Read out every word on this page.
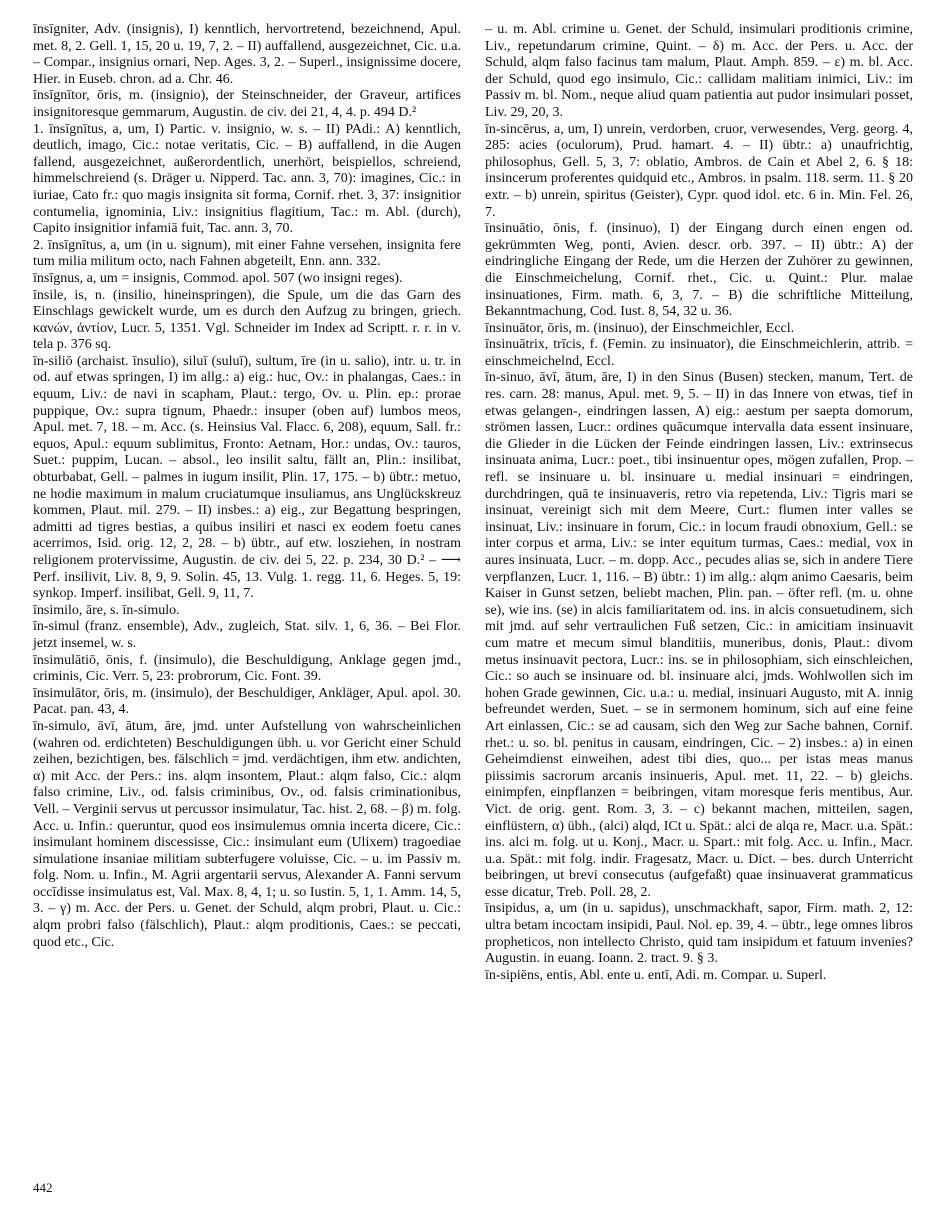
īnsīgniter, Adv. (insignis), I) kenntlich, hervortretend, bezeichnend, Apul. met. 8, 2. Gell. 1, 15, 20 u. 19, 7, 2. – II) auffallend, ausgezeichnet, Cic. u.a. – Compar., insignius ornari, Nep. Ages. 3, 2. – Superl., insignissime docere, Hier. in Euseb. chron. ad a. Chr. 46.

īnsīgnītor, ōris, m. (insignio), der Steinschneider, der Graveur, artifices insignitoresque gemmarum, Augustin. de civ. dei 21, 4, 4. p. 494 D.²

1. īnsīgnītus, a, um, I) Partic. v. insignio, w. s. – II) PAdi.: A) kenntlich, deutlich, imago, Cic.: notae veritatis, Cic. – B) auffallend, in die Augen fallend, ausgezeichnet, außerordentlich, unerhört, beispiellos, schreiend, himmelschreiend (s. Dräger u. Nipperd. Tac. ann. 3, 70): imagines, Cic.: in iuriae, Cato fr.: quo magis insignita sit forma, Cornif. rhet. 3, 37: insignitior contumelia, ignominia, Liv.: insignitius flagitium, Tac.: m. Abl. (durch), Capito insignitior infamiā fuit, Tac. ann. 3, 70.

2. īnsīgnītus, a, um (in u. signum), mit einer Fahne versehen, insignita fere tum milia militum octo, nach Fahnen abgeteilt, Enn. ann. 332.

īnsīgnus, a, um = insignis, Commod. apol. 507 (wo insigni reges).

īnsile, is, n. (insilio, hineinspringen), die Spule, um die das Garn des Einschlags gewickelt wurde, um es durch den Aufzug zu bringen, griech. κανών, ἀντίον, Lucr. 5, 1351. Vgl. Schneider im Index ad Scriptt. r. r. in v. tela p. 376 sq.

īn-siliō (archaist. īnsulio), siluī (suluī), sultum, īre (in u. salio), intr. u. tr. in od. auf etwas springen, I) im allg.: a) eig.: huc, Ov.: in phalangas, Caes.: in equum, Liv.: de navi in scapham, Plaut.: tergo, Ov. u. Plin. ep.: prorae puppique, Ov.: supra tignum, Phaedr.: insuper (oben auf) lumbos meos, Apul. met. 7, 18. – m. Acc. (s. Heinsius Val. Flacc. 6, 208), equum, Sall. fr.: equos, Apul.: equum sublimitus, Fronto: Aetnam, Hor.: undas, Ov.: tauros, Suet.: puppim, Lucan. – absol., leo insilit saltu, fällt an, Plin.: insilibat, obturbabat, Gell. – palmes in iugum insilit, Plin. 17, 175. – b) übtr.: metuo, ne hodie maximum in malum cruciatumque insuliamus, ans Unglückskreuz kommen, Plaut. mil. 279. – II) insbes.: a) eig., zur Begattung bespringen, admitti ad tigres bestias, a quibus insiliri et nasci ex eodem foetu canes acerrimos, Isid. orig. 12, 2, 28. – b) übtr., auf etw. losziehen, in nostram religionem protervissime, Augustin. de civ. dei 5, 22. p. 234, 30 D.² – ⟶ Perf. insilivit, Liv. 8, 9, 9. Solin. 45, 13. Vulg. 1. regg. 11, 6. Heges. 5, 19: synkop. Imperf. insilibat, Gell. 9, 11, 7.

īnsimilo, āre, s. īn-simulo.

īn-simul (franz. ensemble), Adv., zugleich, Stat. silv. 1, 6, 36. – Bei Flor. jetzt insemel, w. s.

īnsimulātiō, ōnis, f. (insimulo), die Beschuldigung, Anklage gegen jmd., criminis, Cic. Verr. 5, 23: probrorum, Cic. Font. 39.

īnsimulātor, ōris, m. (insimulo), der Beschuldiger, Ankläger, Apul. apol. 30. Pacat. pan. 43, 4.

īn-simulo, āvī, ātum, āre, jmd. unter Aufstellung von wahrscheinlichen (wahren od. erdichteten) Beschuldigungen übh. u. vor Gericht einer Schuld zeihen, bezichtigen, bes. fälschlich = jmd. verdächtigen, ihm etw. andichten, α) mit Acc. der Pers.: ins. alqm insontem, Plaut.: alqm falso, Cic.: alqm falso crimine, Liv., od. falsis criminibus, Ov., od. falsis criminationibus, Vell. – Verginii servus ut percussor insimulatur, Tac. hist. 2, 68. – β) m. folg. Acc. u. Infin.: queruntur, quod eos insimulemus omnia incerta dicere, Cic.: insimulant hominem discessisse, Cic.: insimulant eum (Ulixem) tragoediae simulatione insaniae militiam subterfugere voluisse, Cic. – u. im Passiv m. folg. Nom. u. Infin., M. Agrii argentarii servus, Alexander A. Fanni servum occīdisse insimulatus est, Val. Max. 8, 4, 1; u. so Iustin. 5, 1, 1. Amm. 14, 5, 3. – γ) m. Acc. der Pers. u. Genet. der Schuld, alqm probri, Plaut. u. Cic.: alqm probri falso (fälschlich), Plaut.: alqm proditionis, Caes.: se peccati, quod etc., Cic.

– u. m. Abl. crimine u. Genet. der Schuld, insimulari proditionis crimine, Liv., repetundarum crimine, Quint. – δ) m. Acc. der Pers. u. Acc. der Schuld, alqm falso facinus tam malum, Plaut. Amph. 859. – ε) m. bl. Acc. der Schuld, quod ego insimulo, Cic.: callidam malitiam inimici, Liv.: im Passiv m. bl. Nom., neque aliud quam patientia aut pudor insimulari posset, Liv. 29, 20, 3.

īn-sincērus, a, um, I) unrein, verdorben, cruor, verwesendes, Verg. georg. 4, 285: acies (oculorum), Prud. hamart. 4. – II) übtr.: a) unaufrichtig, philosophus, Gell. 5, 3, 7: oblatio, Ambros. de Cain et Abel 2, 6. § 18: insincerum proferentes quidquid etc., Ambros. in psalm. 118. serm. 11. § 20 extr. – b) unrein, spiritus (Geister), Cypr. quod idol. etc. 6 in. Min. Fel. 26, 7.

īnsinuātio, ōnis, f. (insinuo), I) der Eingang durch einen engen od. gekrümmten Weg, ponti, Avien. descr. orb. 397. – II) übtr.: A) der eindringliche Eingang der Rede, um die Herzen der Zuhörer zu gewinnen, die Einschmeichelung, Cornif. rhet., Cic. u. Quint.: Plur. malae insinuationes, Firm. math. 6, 3, 7. – B) die schriftliche Mitteilung, Bekanntmachung, Cod. Iust. 8, 54, 32 u. 36.

īnsinuātor, ōris, m. (insinuo), der Einschmeichler, Eccl.

īnsinuātrix, trīcis, f. (Femin. zu insinuator), die Einschmeichlerin, attrib. = einschmeichelnd, Eccl.

īn-sinuo, āvī, ātum, āre, I) in den Sinus (Busen) stecken, manum, Tert. de res. carn. 28: manus, Apul. met. 9, 5. – II) in das Innere von etwas, tief in etwas gelangen-, eindringen lassen, A) eig.: aestum per saepta domorum, strömen lassen, Lucr.: ordines quācumque intervalla data essent insinuare, die Glieder in die Lücken der Feinde eindringen lassen, Liv.: extrinsecus insinuata anima, Lucr.: poet., tibi insinuentur opes, mögen zufallen, Prop. – refl. se insinuare u. bl. insinuare u. medial insinuari = eindringen, durchdringen, quā te insinuaveris, retro via repetenda, Liv.: Tigris mari se insinuat, vereinigt sich mit dem Meere, Curt.: flumen inter valles se insinuat, Liv.: insinuare in forum, Cic.: in locum fraudi obnoxium, Gell.: se inter corpus et arma, Liv.: se inter equitum turmas, Caes.: medial, vox in aures insinuata, Lucr. – m. dopp. Acc., pecudes alias se, sich in andere Tiere verpflanzen, Lucr. 1, 116. – B) übtr.: 1) im allg.: alqm animo Caesaris, beim Kaiser in Gunst setzen, beliebt machen, Plin. pan. – öfter refl. (m. u. ohne se), wie ins. (se) in alcis familiaritatem od. ins. in alcis consuetudinem, sich mit jmd. auf sehr vertraulichen Fuß setzen, Cic.: in amicitiam insinuavit cum matre et mecum simul blanditiis, muneribus, donis, Plaut.: divom metus insinuavit pectora, Lucr.: ins. se in philosophiam, sich einschleichen, Cic.: so auch se insinuare od. bl. insinuare alci, jmds. Wohlwollen sich im hohen Grade gewinnen, Cic. u.a.: u. medial, insinuari Augusto, mit A. innig befreundet werden, Suet. – se in sermonem hominum, sich auf eine feine Art einlassen, Cic.: se ad causam, sich den Weg zur Sache bahnen, Cornif. rhet.: u. so. bl. penitus in causam, eindringen, Cic. – 2) insbes.: a) in einen Geheimdienst einweihen, adest tibi dies, quo... per istas meas manus piissimis sacrorum arcanis insinueris, Apul. met. 11, 22. – b) gleichs. einimpfen, einpflanzen = beibringen, vitam moresque feris mentibus, Aur. Vict. de orig. gent. Rom. 3, 3. – c) bekannt machen, mitteilen, sagen, einflüstern, α) übh., (alci) alqd, ICt u. Spät.: alci de alqa re, Macr. u.a. Spät.: ins. alci m. folg. ut u. Konj., Macr. u. Spart.: mit folg. Acc. u. Infin., Macr. u.a. Spät.: mit folg. indir. Fragesatz, Macr. u. Dict. – bes. durch Unterricht beibringen, ut brevi consecutus (aufgefaßt) quae insinuaverat grammaticus esse dicatur, Treb. Poll. 28, 2.

īnsipidus, a, um (in u. sapidus), unschmackhaft, sapor, Firm. math. 2, 12: ultra betam incoctam insipidi, Paul. Nol. ep. 39, 4. – übtr., lege omnes libros propheticos, non intellecto Christo, quid tam insipidum et fatuum invenies? Augustin. in euang. Ioann. 2. tract. 9. § 3.

īn-sipiēns, entis, Abl. ente u. entī, Adi. m. Compar. u. Superl.

442
